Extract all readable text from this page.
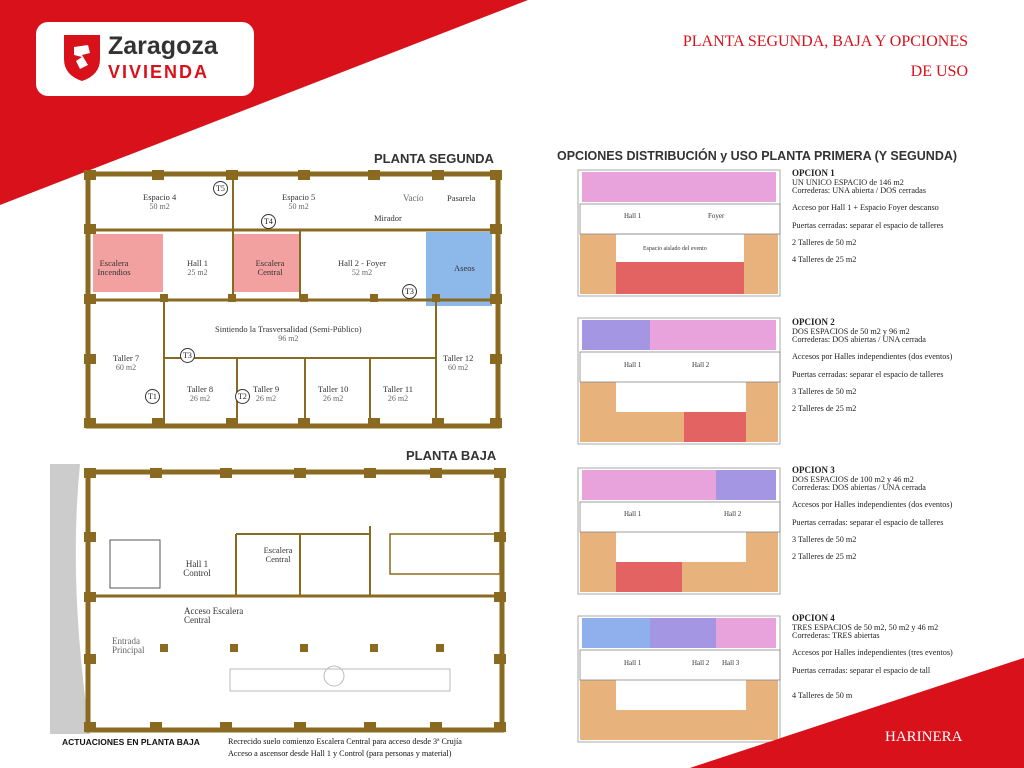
Zaragoza
VIVIENDA
PLANTA SEGUNDA, BAJA Y OPCIONES
DE USO
PLANTA SEGUNDA
Espacio 4
50 m2
Espacio 5
50 m2
Vacío	Pasarela
Mirador
Escalera Incendios
Hall 1
25 m2
Escalera Central
Hall 2 - Foyer
52 m2	Aseos
Sintiendo la Trasversalidad (Semi-Público)
96 m2
Taller 7
60 m2
Taller 12
60 m2
Taller 8
26 m2
Taller 9
26 m2
Taller 10
26 m2
Taller 11
26 m2
T5
T4
T3
T3
T1	T2
PLANTA BAJA
Hall 1 Control
Escalera Central
Acceso Escalera Central
Entrada Principal
ACTUACIONES EN PLANTA BAJA	Recrecido suelo comienzo Escalera Central para acceso desde 3ª Crujía
Acceso a ascensor desde Hall 1 y Control (para personas y material)
OPCIONES DISTRIBUCIÓN y USO PLANTA PRIMERA (Y SEGUNDA)
Hall 1	Foyer
Espacio aislado del evento
Hall 1	Hall 2
Hall 1	Hall 2
Hall 1	Hall 2 Hall 3
OPCION 1
UN UNICO ESPACIO de 146 m2
Correderas: UNA abierta / DOS cerradas

Acceso por Hall 1 + Espacio Foyer descanso

Puertas cerradas: separar el espacio de talleres

2 Talleres de 50 m2

4 Talleres de 25 m2
OPCION 2
DOS ESPACIOS de 50 m2 y 96 m2
Correderas: DOS abiertas / UNA cerrada

Accesos por Halles independientes (dos eventos)

Puertas cerradas: separar el espacio de talleres

3 Talleres de 50 m2

2 Talleres de 25 m2
OPCION 3
DOS ESPACIOS de 100 m2 y 46 m2
Correderas: DOS abiertas / UNA cerrada

Accesos por Halles independientes (dos eventos)

Puertas cerradas: separar el espacio de talleres

3 Talleres de 50 m2

2 Talleres de 25 m2
OPCION 4
TRES ESPACIOS de 50 m2, 50 m2 y 46 m2
Correderas: TRES abiertas

Accesos por Halles independientes (tres eventos)

Puertas cerradas: separar el espacio de tall

4 Talleres de 50 m
HARINERA
